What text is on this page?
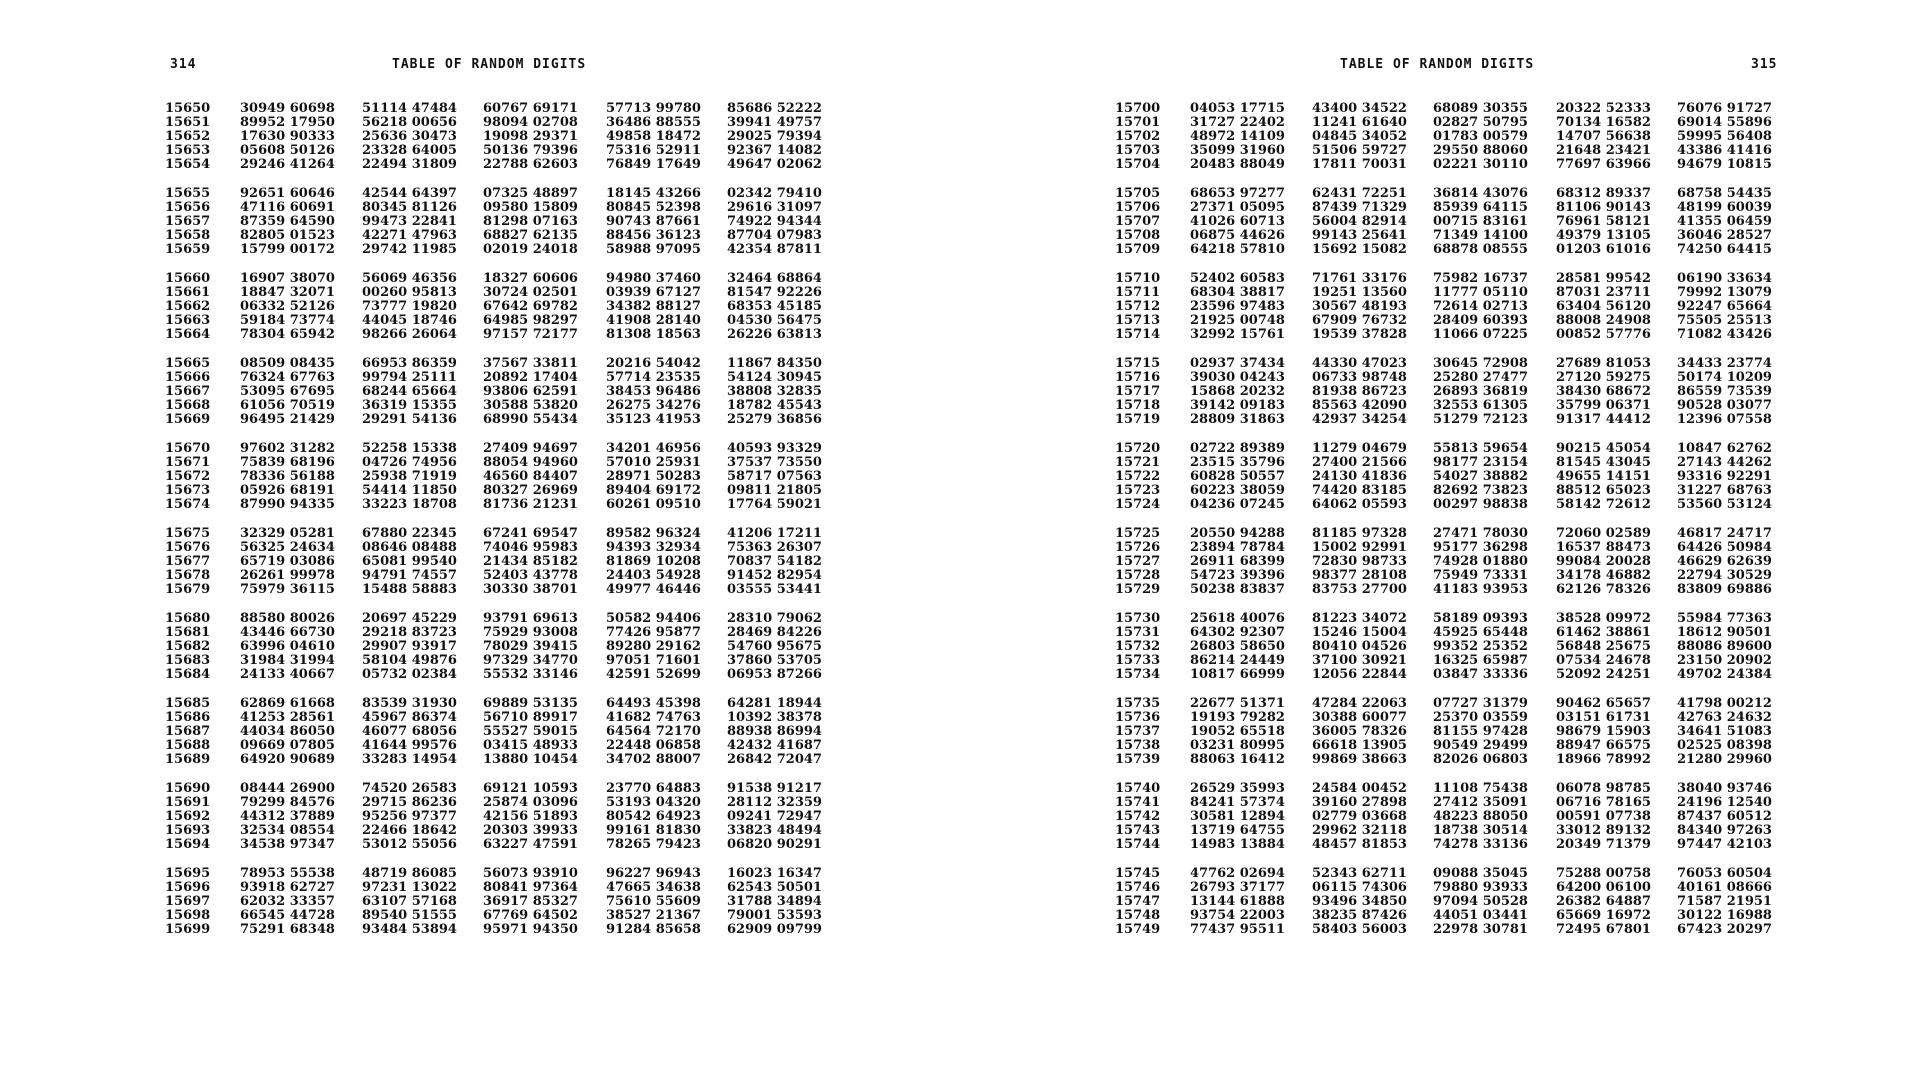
314	TABLE OF RANDOM DIGITS
15650 30949 60698 51114 47484 60767 69171 57713 99780 85686 52222
15651 89952 17950 56218 00656 98094 02708 36486 88555 39941 49757
15652 17630 90333 25636 30473 19098 29371 49858 18472 29025 79394
15653 05608 50126 23328 64005 50136 79396 75316 52911 92367 14082
15654 29246 41264 22494 31809 22788 62603 76849 17649 49647 02062
15655 92651 60646 42544 64397 07325 48897 18145 43266 02342 79410
15656 47116 60691 80345 81126 09580 15809 80845 52398 29616 31097
15657 87359 64590 99473 22841 81298 07163 90743 87661 74922 94344
15658 82805 01523 42271 47963 68827 62135 88456 36123 87704 07983
15659 15799 00172 29742 11985 02019 24018 58988 97095 42354 87811
15660 16907 38070 56069 46356 18327 60606 94980 37460 32464 68864
15661 18847 32071 00260 95813 30724 02501 03939 67127 81547 92226
15662 06332 52126 73777 19820 67642 69782 34382 88127 68353 45185
15663 59184 73774 44045 18746 64985 98297 41908 28140 04530 56475
15664 78304 65942 98266 26064 97157 72177 81308 18563 26226 63813
15665 08509 08435 66953 86359 37567 33811 20216 54042 11867 84350
15666 76324 67763 99794 25111 20892 17404 57714 23535 54124 30945
15667 53095 67695 68244 65664 93806 62591 38453 96486 38808 32835
15668 61056 70519 36319 15355 30588 53820 26275 34276 18782 45543
15669 96495 21429 29291 54136 68990 55434 35123 41953 25279 36856
15670 97602 31282 52258 15338 27409 94697 34201 46956 40593 93329
15671 75839 68196 04726 74956 88054 94960 57010 25931 37537 73550
15672 78336 56188 25938 71919 46560 84407 28971 50283 58717 07563
15673 05926 68191 54414 11850 80327 26969 89404 69172 09811 21805
15674 87990 94335 33223 18708 81736 21231 60261 09510 17764 59021
15675 32329 05281 67880 22345 67241 69547 89582 96324 41206 17211
15676 56325 24634 08646 08488 74046 95983 94393 32934 75363 26307
15677 65719 03086 65081 99540 21434 85182 81869 10208 70837 54182
15678 26261 99978 94791 74557 52403 43778 24403 54928 91452 82954
15679 75979 36115 15488 58883 30330 38701 49977 46446 03555 53441
15680 88580 80026 20697 45229 93791 69613 50582 94406 28310 79062
15681 43446 66730 29218 83723 75929 93008 77426 95877 28469 84226
15682 63996 04610 29907 93917 78029 39415 89280 29162 54760 95675
15683 31984 31994 58104 49876 97329 34770 97051 71601 37860 53705
15684 24133 40667 05732 02384 55532 33146 42591 52699 06953 87266
15685 62869 61668 83539 31930 69889 53135 64493 45398 64281 18944
15686 41253 28561 45967 86374 56710 89917 41682 74763 10392 38378
15687 44034 86050 46077 68056 55527 59015 64564 72170 88938 86994
15688 09669 07805 41644 99576 03415 48933 22448 06858 42432 41687
15689 64920 90689 33283 14954 13880 10454 34702 88007 26842 72047
15690 08444 26900 74520 26583 69121 10593 23770 64883 91538 91217
15691 79299 84576 29715 86236 25874 03096 53193 04320 28112 32359
15692 44312 37889 95256 97377 42156 51893 80542 64923 09241 72947
15693 32534 08554 22466 18642 20303 39933 99161 81830 33823 48494
15694 34538 97347 53012 55056 63227 47591 78265 79423 06820 90291
15695 78953 55538 48719 86085 56073 93910 96227 96943 16023 16347
15696 93918 62727 97231 13022 80841 97364 47665 34638 62543 50501
15697 62032 33357 63107 57168 36917 85327 75610 55609 31788 34894
15698 66545 44728 89540 51555 67769 64502 38527 21367 79001 53593
15699 75291 68348 93484 53894 95971 94350 91284 85658 62909 09799
TABLE OF RANDOM DIGITS	315
15700 04053 17715 43400 34522 68089 30355 20322 52333 76076 91727
15701 31727 22402 11241 61640 02827 50795 70134 16582 69014 55896
15702 48972 14109 04845 34052 01783 00579 14707 56638 59995 56408
15703 35099 31960 51506 59727 29550 88060 21648 23421 43386 41416
15704 20483 88049 17811 70031 02221 30110 77697 63966 94679 10815
15705 68653 97277 62431 72251 36814 43076 68312 89337 68758 54435
15706 27371 05095 87439 71329 85939 64115 81106 90143 48199 60039
15707 41026 60713 56004 82914 00715 83161 76961 58121 41355 06459
15708 06875 44626 99143 25641 71349 14100 49379 13105 36046 28527
15709 64218 57810 15692 15082 68878 08555 01203 61016 74250 64415
15710 52402 60583 71761 33176 75982 16737 28581 99542 06190 33634
15711 68304 38817 19251 13560 11777 05110 87031 23711 79992 13079
15712 23596 97483 30567 48193 72614 02713 63404 56120 92247 65664
15713 21925 00748 67909 76732 28409 60393 88008 24908 75505 25513
15714 32992 15761 19539 37828 11066 07225 00852 57776 71082 43426
15715 02937 37434 44330 47023 30645 72908 27689 81053 34433 23774
15716 39030 04243 06733 98748 25280 27477 27120 59275 50174 10209
15717 15868 20232 81938 86723 26893 36819 38430 68672 86559 73539
15718 39142 09183 85563 42090 32553 61305 35799 06371 90528 03077
15719 28809 31863 42937 34254 51279 72123 91317 44412 12396 07558
15720 02722 89389 11279 04679 55813 59654 90215 45054 10847 62762
15721 23515 35796 27400 21566 98177 23154 81545 43045 27143 44262
15722 60828 50557 24130 41836 54027 38882 49655 14151 93316 92291
15723 60223 38059 74420 83185 82692 73823 88512 65023 31227 68763
15724 04236 07245 64062 05593 00297 98838 58142 72612 53560 53124
15725 20550 94288 81185 97328 27471 78030 72060 02589 46817 24717
15726 23894 78784 15002 92991 95177 36298 16537 88473 64426 50984
15727 26911 68399 72830 98733 74928 01880 99084 20028 46629 62639
15728 54723 39396 98377 28108 75949 73331 34178 46882 22794 30529
15729 50238 83837 83753 27700 41183 93953 62126 78326 83809 69886
15730 25618 40076 81223 34072 58189 09393 38528 09972 55984 77363
15731 64302 92307 15246 15004 45925 65448 61462 38861 18612 90501
15732 26803 58650 80410 04526 99352 25352 56848 25675 88086 89600
15733 86214 24449 37100 30921 16325 65987 07534 24678 23150 20902
15734 10817 66999 12056 22844 03847 33336 52092 24251 49702 24384
15735 22677 51371 47284 22063 07727 31379 90462 65657 41798 00212
15736 19193 79282 30388 60077 25370 03559 03151 61731 42763 24632
15737 19052 65518 36005 78326 81155 97428 98679 15903 34641 51083
15738 03231 80995 66618 13905 90549 29499 88947 66575 02525 08398
15739 88063 16412 99869 38663 82026 06803 18966 78992 21280 29960
15740 26529 35993 24584 00452 11108 75438 06078 98785 38040 93746
15741 84241 57374 39160 27898 27412 35091 06716 78165 24196 12540
15742 30581 12894 02779 03668 48223 88050 00591 07738 87437 60512
15743 13719 64755 29962 32118 18738 30514 33012 89132 84340 97263
15744 14983 13884 48457 81853 74278 33136 20349 71379 97447 42103
15745 47762 02694 52343 62711 09088 35045 75288 00758 76053 60504
15746 26793 37177 06115 74306 79880 93933 64200 06100 40161 08666
15747 13144 61888 93496 34850 97094 50528 26382 64887 71587 21951
15748 93754 22003 38235 87426 44051 03441 65669 16972 30122 16988
15749 77437 95511 58403 56003 22978 30781 72495 67801 67423 20297
